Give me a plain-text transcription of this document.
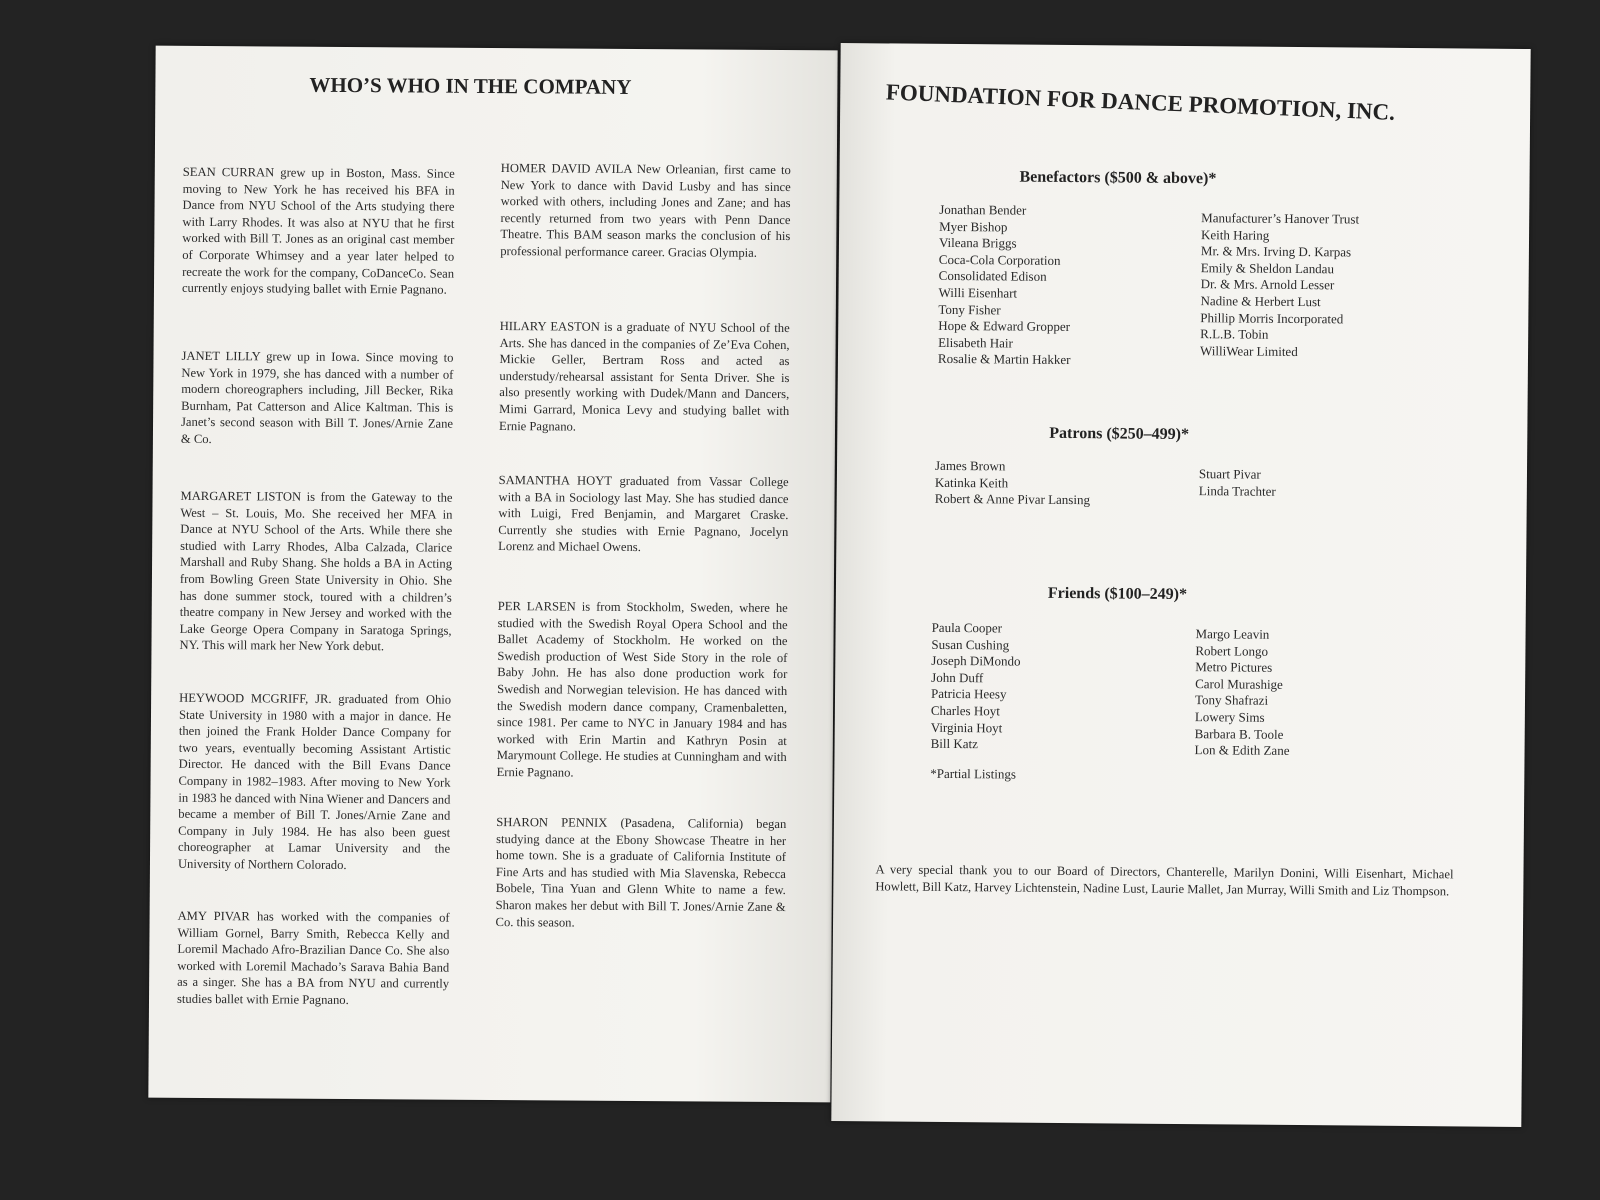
WHO’S WHO IN THE COMPANY

SEAN CURRAN grew up in Boston, Mass. Since moving to New York he has received his BFA in Dance from NYU School of the Arts studying there with Larry Rhodes. It was also at NYU that he first worked with Bill T. Jones as an original cast member of Corporate Whimsey and a year later helped to recreate the work for the company, CoDanceCo. Sean currently enjoys studying ballet with Ernie Pagnano.

JANET LILLY grew up in Iowa. Since moving to New York in 1979, she has danced with a number of modern choreographers including, Jill Becker, Rika Burnham, Pat Catterson and Alice Kaltman. This is Janet’s second season with Bill T. Jones/Arnie Zane & Co.

MARGARET LISTON is from the Gateway to the West – St. Louis, Mo. She received her MFA in Dance at NYU School of the Arts. While there she studied with Larry Rhodes, Alba Calzada, Clarice Marshall and Ruby Shang. She holds a BA in Acting from Bowling Green State University in Ohio. She has done summer stock, toured with a children’s theatre company in New Jersey and worked with the Lake George Opera Company in Saratoga Springs, NY. This will mark her New York debut.

HEYWOOD MCGRIFF, JR. graduated from Ohio State University in 1980 with a major in dance. He then joined the Frank Holder Dance Company for two years, eventually becoming Assistant Artistic Director. He danced with the Bill Evans Dance Company in 1982–1983. After moving to New York in 1983 he danced with Nina Wiener and Dancers and became a member of Bill T. Jones/Arnie Zane and Company in July 1984. He has also been guest choreographer at Lamar University and the University of Northern Colorado.

AMY PIVAR has worked with the companies of William Gornel, Barry Smith, Rebecca Kelly and Loremil Machado Afro-Brazilian Dance Co. She also worked with Loremil Machado’s Sarava Bahia Band as a singer. She has a BA from NYU and currently studies ballet with Ernie Pagnano.

HOMER DAVID AVILA New Orleanian, first came to New York to dance with David Lusby and has since worked with others, including Jones and Zane; and has recently returned from two years with Penn Dance Theatre. This BAM season marks the conclusion of his professional performance career. Gracias Olympia.

HILARY EASTON is a graduate of NYU School of the Arts. She has danced in the companies of Ze’Eva Cohen, Mickie Geller, Bertram Ross and acted as understudy/rehearsal assistant for Senta Driver. She is also presently working with Dudek/Mann and Dancers, Mimi Garrard, Monica Levy and studying ballet with Ernie Pagnano.

SAMANTHA HOYT graduated from Vassar College with a BA in Sociology last May. She has studied dance with Luigi, Fred Benjamin, and Margaret Craske. Currently she studies with Ernie Pagnano, Jocelyn Lorenz and Michael Owens.

PER LARSEN is from Stockholm, Sweden, where he studied with the Swedish Royal Opera School and the Ballet Academy of Stockholm. He worked on the Swedish production of West Side Story in the role of Baby John. He has also done production work for Swedish and Norwegian television. He has danced with the Swedish modern dance company, Cramenbaletten, since 1981. Per came to NYC in January 1984 and has worked with Erin Martin and Kathryn Posin at Marymount College. He studies at Cunningham and with Ernie Pagnano.

SHARON PENNIX (Pasadena, California) began studying dance at the Ebony Showcase Theatre in her home town. She is a graduate of California Institute of Fine Arts and has studied with Mia Slavenska, Rebecca Bobele, Tina Yuan and Glenn White to name a few. Sharon makes her debut with Bill T. Jones/Arnie Zane & Co. this season.

FOUNDATION FOR DANCE PROMOTION, INC.
Benefactors ($500 & above)*
Jonathan Bender
Myer Bishop
Vileana Briggs
Coca-Cola Corporation
Consolidated Edison
Willi Eisenhart
Tony Fisher
Hope & Edward Gropper
Elisabeth Hair
Rosalie & Martin Hakker
Manufacturer’s Hanover Trust
Keith Haring
Mr. & Mrs. Irving D. Karpas
Emily & Sheldon Landau
Dr. & Mrs. Arnold Lesser
Nadine & Herbert Lust
Phillip Morris Incorporated
R.L.B. Tobin
WilliWear Limited
Patrons ($250–499)*
James Brown
Katinka Keith
Robert & Anne Pivar Lansing
Stuart Pivar
Linda Trachter
Friends ($100–249)*
Paula Cooper
Susan Cushing
Joseph DiMondo
John Duff
Patricia Heesy
Charles Hoyt
Virginia Hoyt
Bill Katz
Margo Leavin
Robert Longo
Metro Pictures
Carol Murashige
Tony Shafrazi
Lowery Sims
Barbara B. Toole
Lon & Edith Zane

*Partial Listings

A very special thank you to our Board of Directors, Chanterelle, Marilyn Donini, Willi Eisenhart, Michael Howlett, Bill Katz, Harvey Lichtenstein, Nadine Lust, Laurie Mallet, Jan Murray, Willi Smith and Liz Thompson.
